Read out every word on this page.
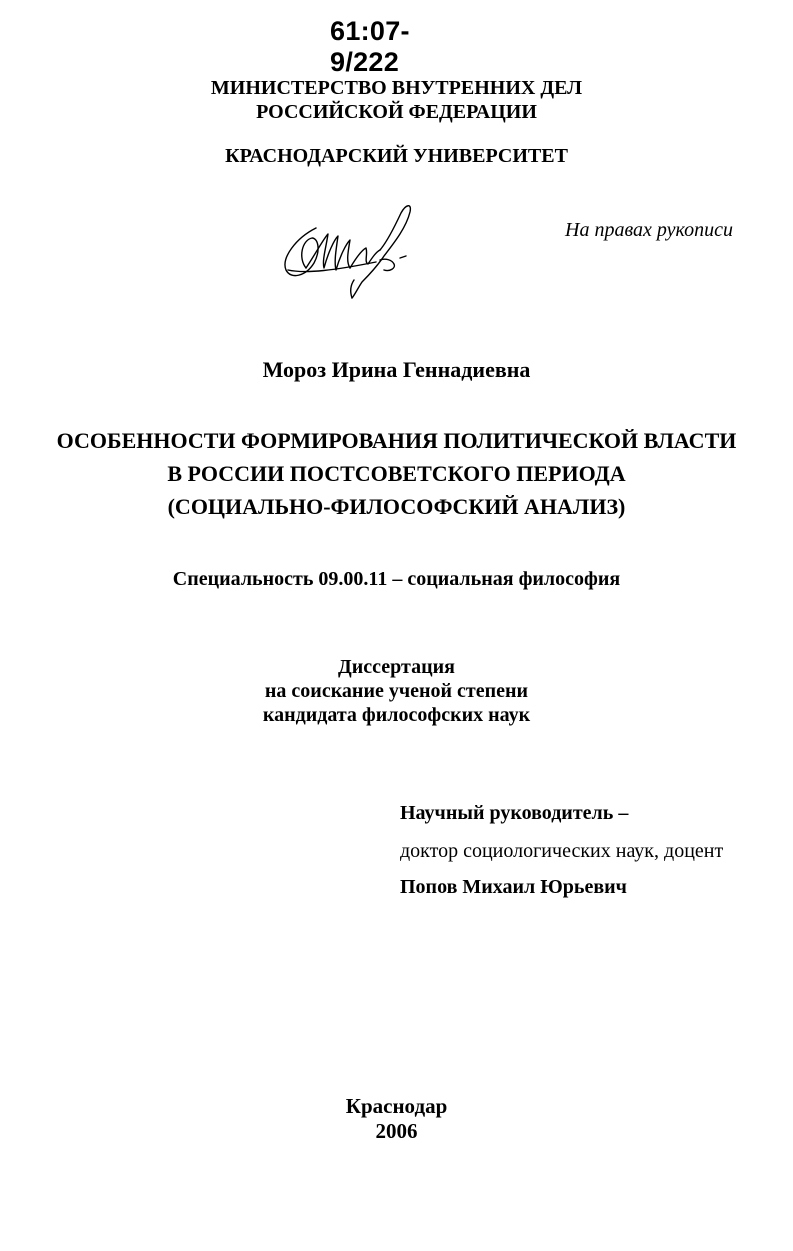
61:07-9/222
МИНИСТЕРСТВО ВНУТРЕННИХ ДЕЛ
РОССИЙСКОЙ ФЕДЕРАЦИИ
КРАСНОДАРСКИЙ УНИВЕРСИТЕТ
На правах рукописи
Мороз Ирина Геннадиевна
ОСОБЕННОСТИ ФОРМИРОВАНИЯ ПОЛИТИЧЕСКОЙ ВЛАСТИ
В РОССИИ ПОСТСОВЕТСКОГО ПЕРИОДА
(СОЦИАЛЬНО-ФИЛОСОФСКИЙ АНАЛИЗ)
Специальность 09.00.11 – социальная философия
Диссертация
на соискание ученой степени
кандидата философских наук
Научный руководитель –
доктор социологических наук, доцент
Попов Михаил Юрьевич
Краснодар
2006
